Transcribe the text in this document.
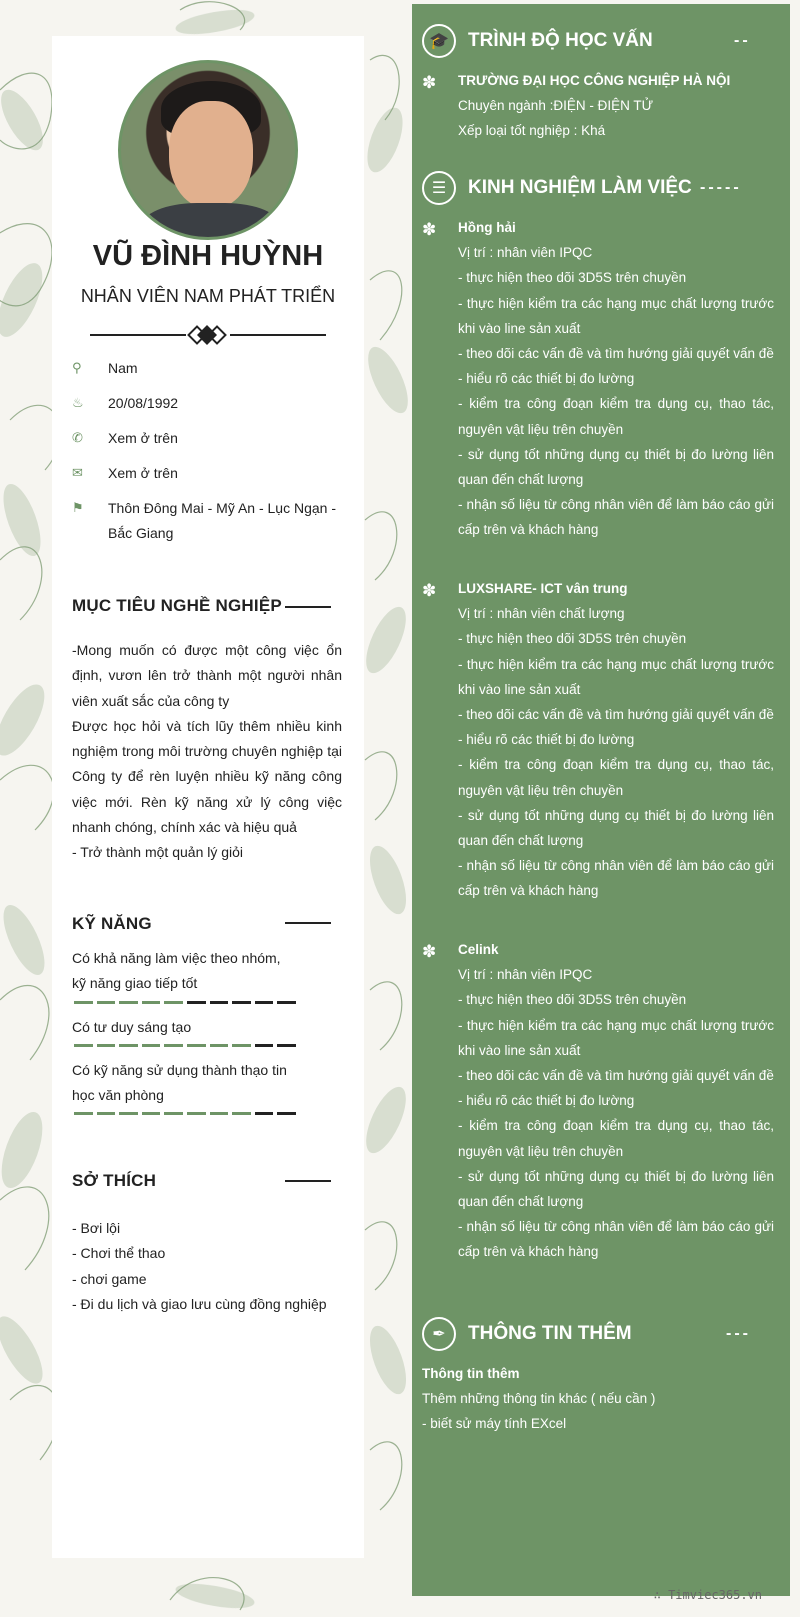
VŨ ĐÌNH HUỲNH
NHÂN VIÊN NAM PHÁT TRIỂN
⚲	Nam
♨ 20/08/1992
✆ Xem ở trên
✉ Xem ở trên
⚑ Thôn Đông Mai - Mỹ An - Lục Ngạn - Bắc Giang
MỤC TIÊU NGHỀ NGHIỆP
-Mong muốn có được một công việc ổn định, vươn lên trở thành một người nhân viên xuất sắc của công ty
Được học hỏi và tích lũy thêm nhiều kinh nghiệm trong môi trường chuyên nghiệp tại Công ty để rèn luyện nhiều kỹ năng công việc mới. Rèn kỹ năng xử lý công việc nhanh chóng, chính xác và hiệu quả
- Trở thành một quản lý giỏi
KỸ NĂNG
Có khả năng làm việc theo nhóm, kỹ năng giao tiếp tốt
Có tư duy sáng tạo
Có kỹ năng sử dụng thành thạo tin học văn phòng
SỞ THÍCH
- Bơi lội
- Chơi thể thao
- chơi game
- Đi du lịch và giao lưu cùng đồng nghiệp
🎓	TRÌNH ĐỘ HỌC VẤN	--
✽ TRƯỜNG ĐẠI HỌC CÔNG NGHIỆP HÀ NỘI
Chuyên ngành :ĐIỆN - ĐIỆN TỬ
Xếp loại tốt nghiệp : Khá
☰	KINH NGHIỆM LÀM VIỆC -----
✽ Hồng hải
Vị trí : nhân viên IPQC
- thực hiện theo dõi 3D5S trên chuyền
- thực hiện kiểm tra các hạng mục chất lượng trước khi vào line sản xuất
- theo dõi các vấn đề và tìm hướng giải quyết vấn đề
- hiểu rõ các thiết bị đo lường
- kiểm tra công đoạn kiểm tra dụng cụ, thao tác, nguyên vật liệu trên chuyền
- sử dụng tốt những dụng cụ thiết bị đo lường liên quan đến chất lượng
- nhận số liệu từ công nhân viên để làm báo cáo gửi cấp trên và khách hàng
✽ LUXSHARE- ICT vân trung
Vị trí : nhân viên chất lượng
- thực hiện theo dõi 3D5S trên chuyền
- thực hiện kiểm tra các hạng mục chất lượng trước khi vào line sản xuất
- theo dõi các vấn đề và tìm hướng giải quyết vấn đề
- hiểu rõ các thiết bị đo lường
- kiểm tra công đoạn kiểm tra dụng cụ, thao tác, nguyên vật liệu trên chuyền
- sử dụng tốt những dụng cụ thiết bị đo lường liên quan đến chất lượng
- nhận số liệu từ công nhân viên để làm báo cáo gửi cấp trên và khách hàng
✽ Celink
Vị trí : nhân viên IPQC
- thực hiện theo dõi 3D5S trên chuyền
- thực hiện kiểm tra các hạng mục chất lượng trước khi vào line sản xuất
- theo dõi các vấn đề và tìm hướng giải quyết vấn đề
- hiểu rõ các thiết bị đo lường
- kiểm tra công đoạn kiểm tra dụng cụ, thao tác, nguyên vật liệu trên chuyền
- sử dụng tốt những dụng cụ thiết bị đo lường liên quan đến chất lượng
- nhận số liệu từ công nhân viên để làm báo cáo gửi cấp trên và khách hàng
✒	THÔNG TIN THÊM	---
Thông tin thêm
Thêm những thông tin khác ( nếu cần )
- biết sử máy tính EXcel
∴ Timviec365.vn
